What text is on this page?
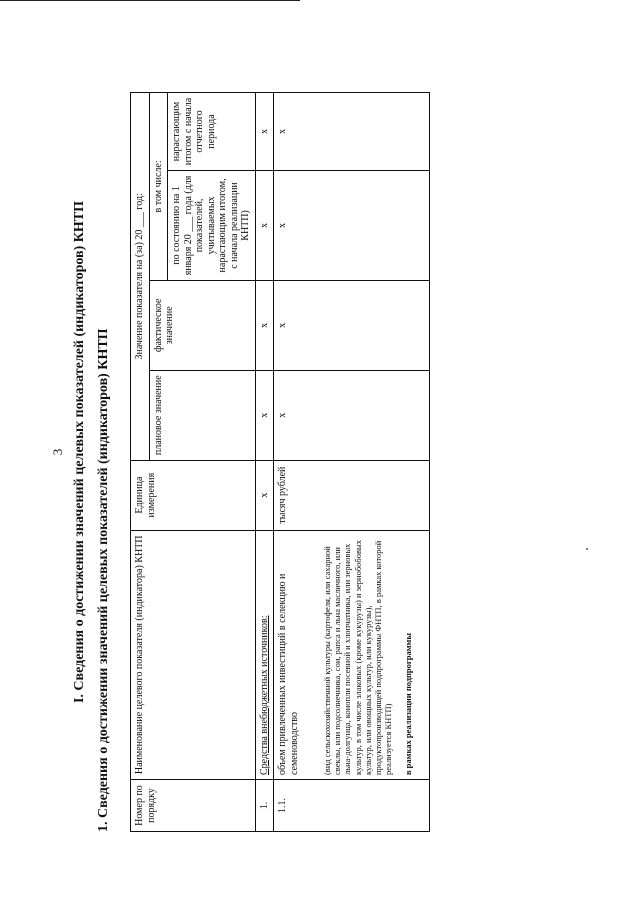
3 I. Сведения о достижении значений целевых показателей (индикаторов) КНТП 1. Сведения о достижении значений целевых показателей (индикаторов) КНТП Номер по порядку	Наименование целевого показателя (индикатора) КНТП	Единица измерения	Значение показателя на (за) 20 ___ год:			
			плановое значение	фактическое значение	в том числе:	
					по состоянию на 1 января 20 ___ года (для показателей, учитываемых нарастающим итогом, с начала реализации КНТП)	нарастающим итогом с начала отчетного периода
1.	Средства внебюджетных источников:	х	х	х	х	х
1.1.	объем привлеченных инвестиций в селекцию и семеноводство (вид сельскохозяйственной культуры (картофеля, или сахарной свеклы, или подсолнечника, сои, рапса и льна масличного, или льна-долгунца, конопли посевной и хлопчатника, или зерновых культур, в том числе злаковых (кроме кукурузы) и зернобобовых культур, или овощных культур, или кукурузы), продуктопроизводящей подпрограммы ФНТП, в рамках которой реализуется КНТП) в рамках реализации подпрограммы	тысяч рублей	х	х	х	х
